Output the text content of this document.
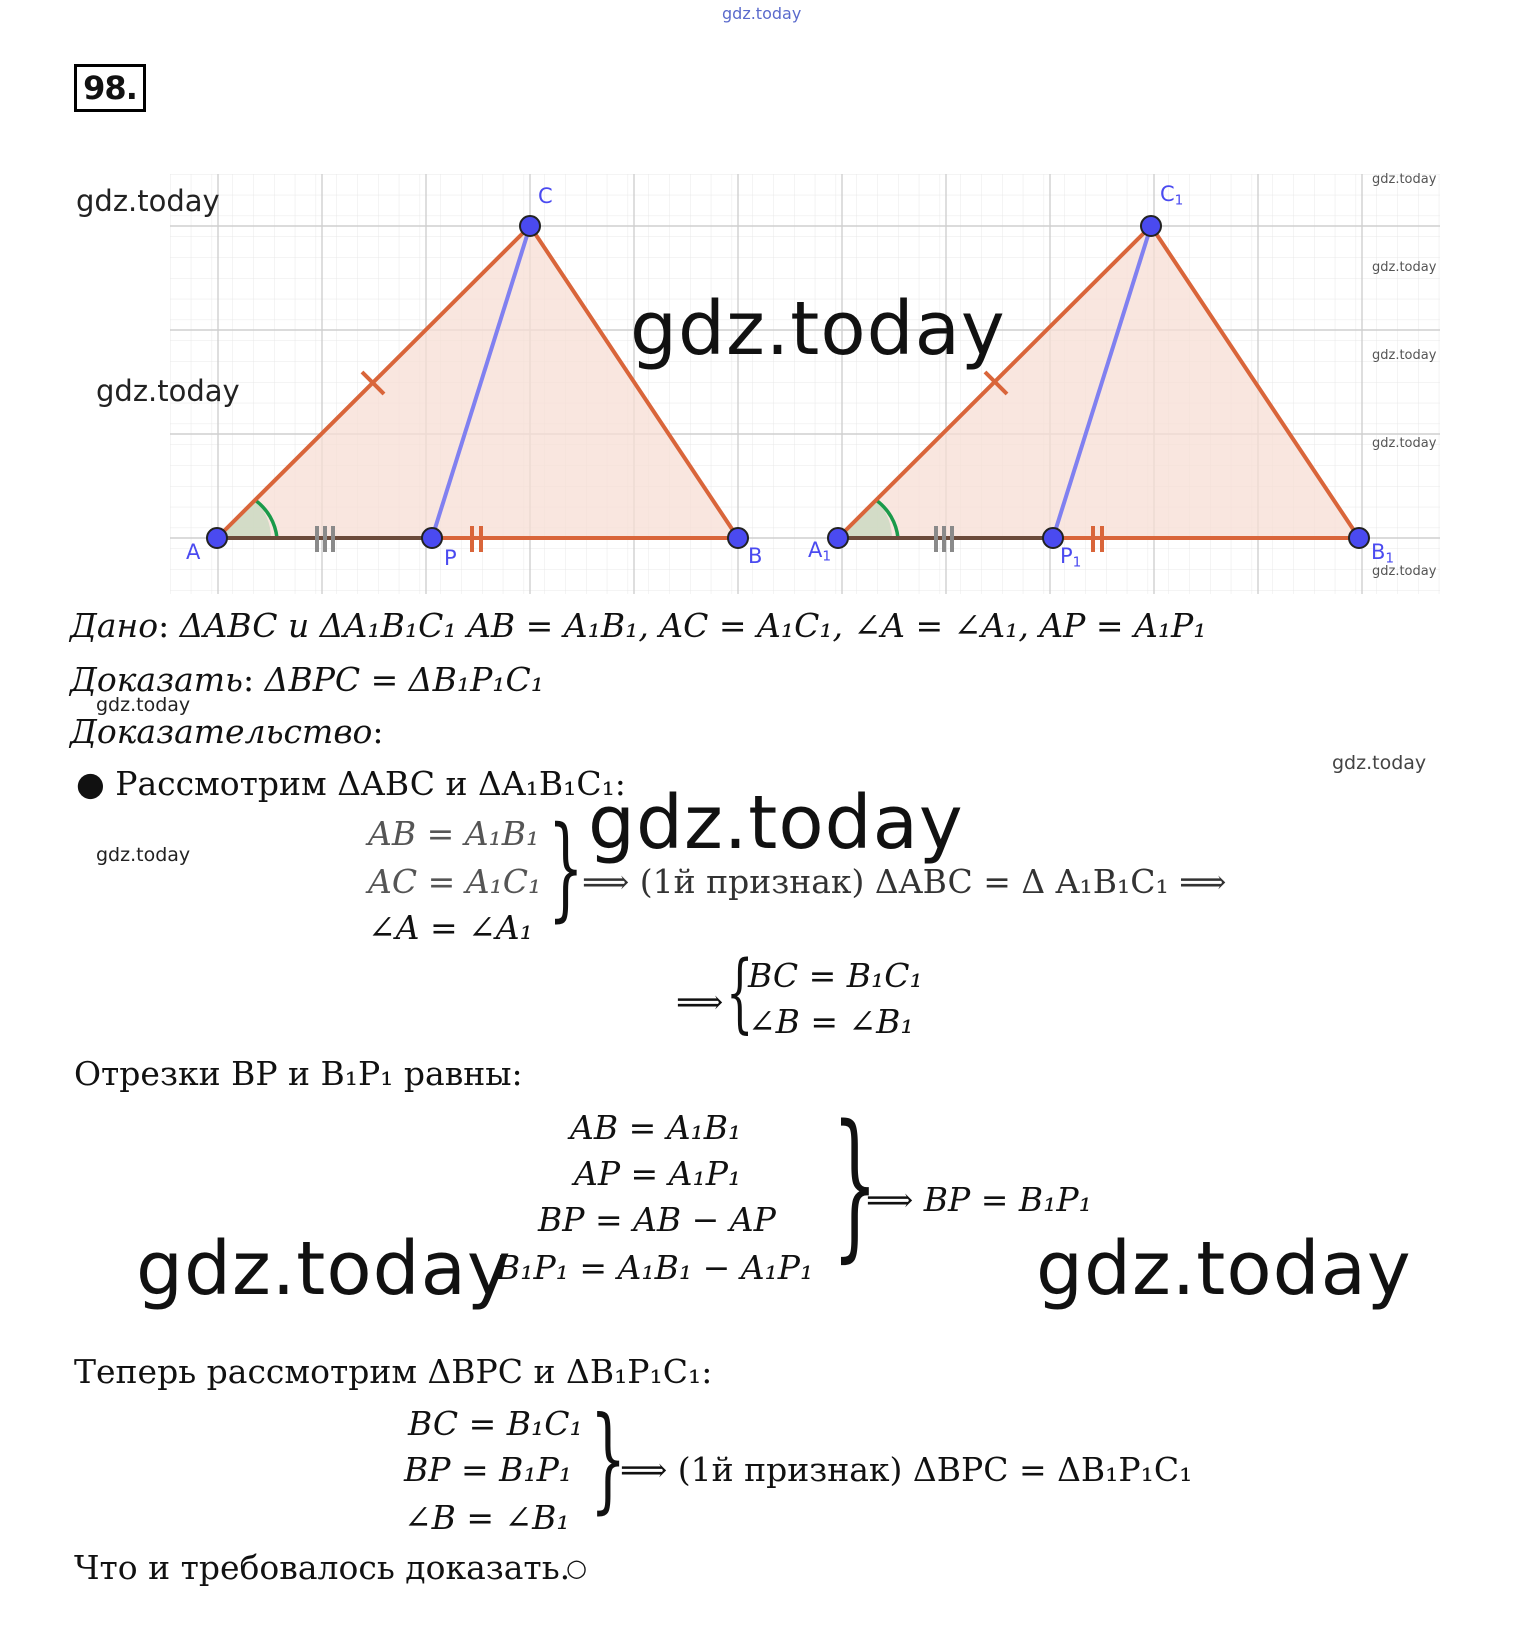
gdz.today
98.
A	P	B
C
$A_1$	$P_1$	$B_1$
$C_1$
gdz.today
gdz.today
gdz.today
gdz.today
gdz.today
gdz.today
gdz.today
gdz.today
Дано: ΔABC и ΔA₁B₁C₁ AB = A₁B₁, AC = A₁C₁, ∠A = ∠A₁, AP = A₁P₁
Доказать: ΔBPC = ΔB₁P₁C₁
gdz.today
Доказательство:
gdz.today
● Рассмотрим ΔABC и ΔA₁B₁C₁:
gdz.today
AB = A₁B₁
AC = A₁C₁
∠A = ∠A₁ }
⟹ (1й признак) ΔABC = Δ A₁B₁C₁ ⟹
gdz.today
⟹ {
BC = B₁C₁
∠B = ∠B₁
Отрезки BP и B₁P₁ равны:
AB = A₁B₁
AP = A₁P₁
BP = AB − AP
B₁P₁ = A₁B₁ − A₁P₁ }
⟹ BP = B₁P₁
gdz.today	gdz.today
Теперь рассмотрим ΔBPC и ΔB₁P₁C₁:
BC = B₁C₁
BP = B₁P₁
∠B = ∠B₁ }
⟹ (1й признак) ΔBPC = ΔB₁P₁C₁
Что и требовалось доказать.
○
